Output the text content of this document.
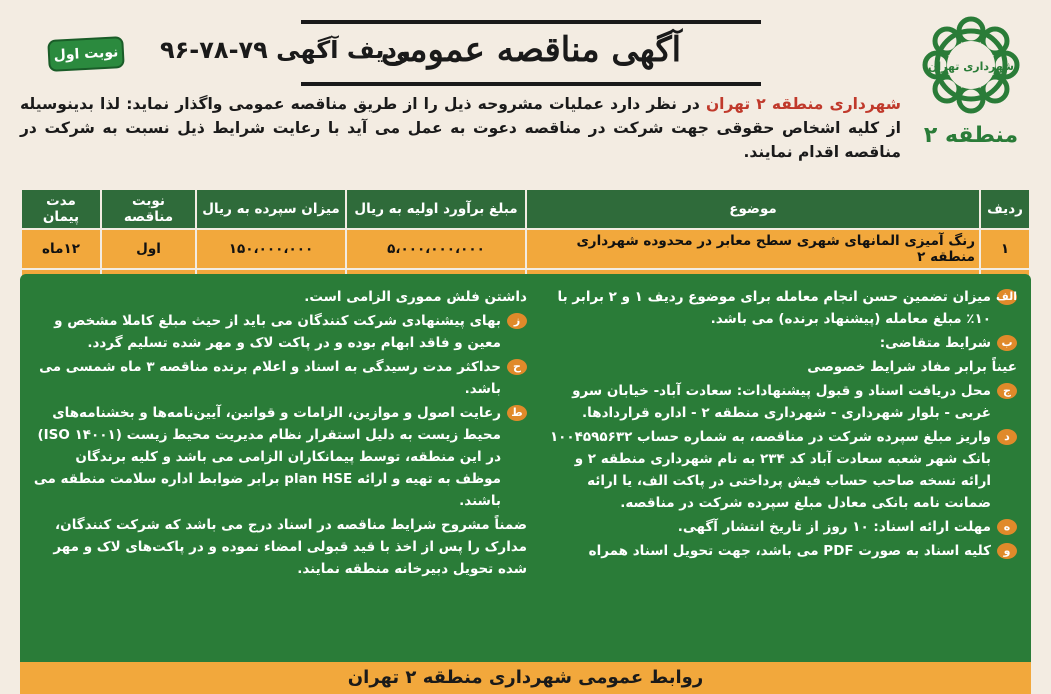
شهرداری تهران
منطقه ۲
آگهی مناقصه عمومی
ردیف آگهی ۷۹-۷۸-۹۶
نوبت اول
شهرداری منطقه ۲ تهران در نظر دارد عملیات مشروحه ذیل را از طریق مناقصه عمومی واگذار نماید: لذا بدینوسیله از کلیه اشخاص حقوقی جهت شرکت در مناقصه دعوت به عمل می آید با رعایت شرایط ذیل نسبت به شرکت در مناقصه اقدام نمایند.
ردیف	موضوع	مبلغ برآورد اولیه به ریال	میزان سپرده به ریال	نوبت مناقصه	مدت پیمان
۱	رنگ آمیزی المانهای شهری سطح معابر در محدوده شهرداری منطقه ۲	۵،۰۰۰،۰۰۰،۰۰۰	۱۵۰،۰۰۰،۰۰۰	اول	۱۲ماه

الف
میزان تضمین حسن انجام معامله برای موضوع ردیف ۱ و ۲ برابر با ۱۰٪ مبلغ معامله (پیشنهاد برنده) می باشد.
ب
شرایط متقاضی:
عیناً برابر مفاد شرایط خصوصی
ج
محل دریافت اسناد و قبول پیشنهادات: سعادت آباد- خیابان سرو غربی - بلوار شهرداری - شهرداری منطقه ۲ - اداره قراردادها.
د
واریز مبلغ سپرده شرکت در مناقصه، به شماره حساب ۱۰۰۴۵۹۵۶۳۲ بانک شهر شعبه سعادت آباد کد ۲۳۴ به نام شهرداری منطقه ۲ و ارائه نسخه صاحب حساب فیش پرداختی در پاکت الف، یا ارائه ضمانت نامه بانکی معادل مبلغ سپرده شرکت در مناقصه.
ه
مهلت ارائه اسناد: ۱۰ روز از تاریخ انتشار آگهی.
و
کلیه اسناد به صورت PDF می باشد، جهت تحویل اسناد همراه
داشتن فلش مموری الزامی است.
ز
بهای پیشنهادی شرکت کنندگان می باید از حیث مبلغ کاملا مشخص و معین و فاقد ابهام بوده و در پاکت لاک و مهر شده تسلیم گردد.
ح
حداکثر مدت رسیدگی به اسناد و اعلام برنده مناقصه ۳ ماه شمسی می باشد.
ط
رعایت اصول و موازین، الزامات و قوانین، آیین‌نامه‌ها و بخشنامه‌های محیط زیست به دلیل استقرار نظام مدیریت محیط زیست (ISO ۱۴۰۰۱) در این منطقه، توسط پیمانکاران الزامی می باشد و کلیه برندگان موظف به تهیه و ارائه plan HSE برابر ضوابط اداره سلامت منطقه می باشند.
ضمناً مشروح شرایط مناقصه در اسناد درج می باشد که شرکت کنندگان، مدارک را پس از اخذ با قید قبولی امضاء نموده و در پاکت‌های لاک و مهر شده تحویل دبیرخانه منطقه نمایند.
روابط عمومی شهرداری منطقه ۲ تهران
